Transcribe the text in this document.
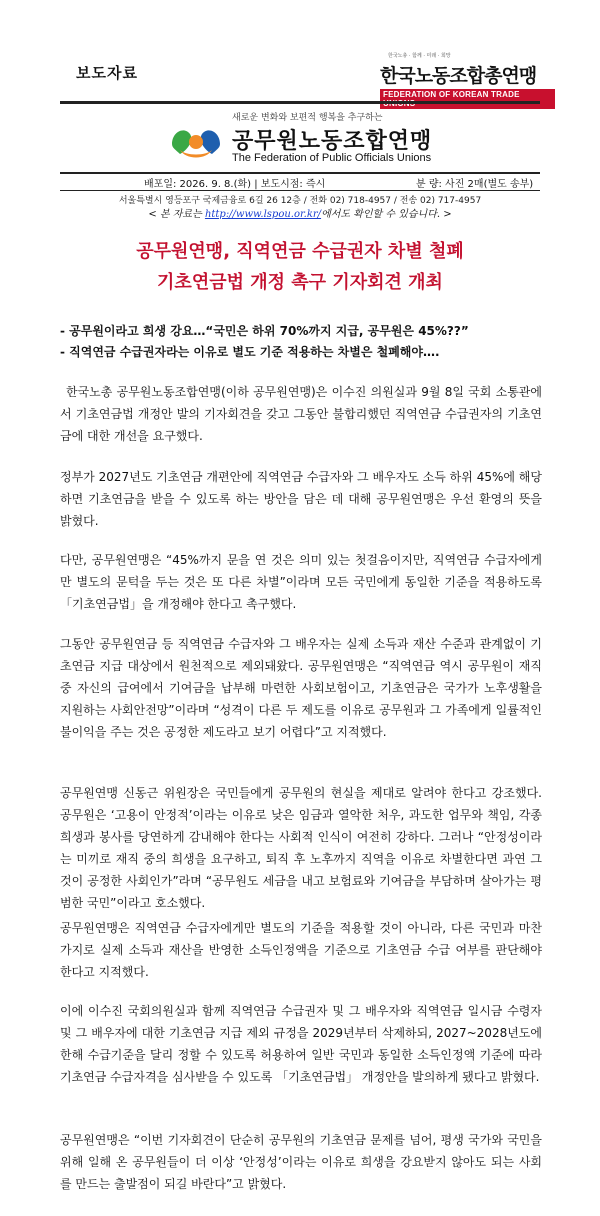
보도자료
한국노총 · 함께 · 미래 · 희망
한국노동조합총연맹
FEDERATION OF KOREAN TRADE UNIONS
새로운 변화와 보편적 행복을 추구하는
공무원노동조합연맹
The Federation of Public Officials Unions
배포일: 2026. 9. 8.(화) | 보도시점: 즉시	분 량: 사진 2매(별도 송부)
서울특별시 영등포구 국제금융로 6길 26 12층 / 전화 02) 718-4957 / 전송 02) 717-4957
< 본 자료는 http://www.lspou.or.kr/에서도 확인할 수 있습니다. >
공무원연맹, 직역연금 수급권자 차별 철폐
기초연금법 개정 촉구 기자회견 개최
- 공무원이라고 희생 강요…“국민은 하위 70%까지 지급, 공무원은 45%??”
- 직역연금 수급권자라는 이유로 별도 기준 적용하는 차별은 철폐해야….

한국노총 공무원노동조합연맹(이하 공무원연맹)은 이수진 의원실과 9월 8일 국회 소통관에서 기초연금법 개정안 발의 기자회견을 갖고 그동안 불합리했던 직역연금 수급권자의 기초연금에 대한 개선을 요구했다.

정부가 2027년도 기초연금 개편안에 직역연금 수급자와 그 배우자도 소득 하위 45%에 해당하면 기초연금을 받을 수 있도록 하는 방안을 담은 데 대해 공무원연맹은 우선 환영의 뜻을 밝혔다.

다만, 공무원연맹은 “45%까지 문을 연 것은 의미 있는 첫걸음이지만, 직역연금 수급자에게만 별도의 문턱을 두는 것은 또 다른 차별”이라며 모든 국민에게 동일한 기준을 적용하도록 「기초연금법」을 개정해야 한다고 촉구했다.

그동안 공무원연금 등 직역연금 수급자와 그 배우자는 실제 소득과 재산 수준과 관계없이 기초연금 지급 대상에서 원천적으로 제외돼왔다. 공무원연맹은 “직역연금 역시 공무원이 재직 중 자신의 급여에서 기여금을 납부해 마련한 사회보험이고, 기초연금은 국가가 노후생활을 지원하는 사회안전망”이라며 “성격이 다른 두 제도를 이유로 공무원과 그 가족에게 일률적인 불이익을 주는 것은 공정한 제도라고 보기 어렵다”고 지적했다.

공무원연맹 신동근 위원장은 국민들에게 공무원의 현실을 제대로 알려야 한다고 강조했다. 공무원은 ‘고용이 안정적’이라는 이유로 낮은 임금과 열악한 처우, 과도한 업무와 책임, 각종 희생과 봉사를 당연하게 감내해야 한다는 사회적 인식이 여전히 강하다. 그러나 “안정성이라는 미끼로 재직 중의 희생을 요구하고, 퇴직 후 노후까지 직역을 이유로 차별한다면 과연 그것이 공정한 사회인가”라며 “공무원도 세금을 내고 보험료와 기여금을 부담하며 살아가는 평범한 국민”이라고 호소했다.

공무원연맹은 직역연금 수급자에게만 별도의 기준을 적용할 것이 아니라, 다른 국민과 마찬가지로 실제 소득과 재산을 반영한 소득인정액을 기준으로 기초연금 수급 여부를 판단해야 한다고 지적했다.

이에 이수진 국회의원실과 함께 직역연금 수급권자 및 그 배우자와 직역연금 일시금 수령자 및 그 배우자에 대한 기초연금 지급 제외 규정을 2029년부터 삭제하되, 2027~2028년도에 한해 수급기준을 달리 정할 수 있도록 허용하여 일반 국민과 동일한 소득인정액 기준에 따라 기초연금 수급자격을 심사받을 수 있도록 「기초연금법」 개정안을 발의하게 됐다고 밝혔다.

공무원연맹은 “이번 기자회견이 단순히 공무원의 기초연금 문제를 넘어, 평생 국가와 국민을 위해 일해 온 공무원들이 더 이상 ‘안정성’이라는 이유로 희생을 강요받지 않아도 되는 사회를 만드는 출발점이 되길 바란다”고 밝혔다.
